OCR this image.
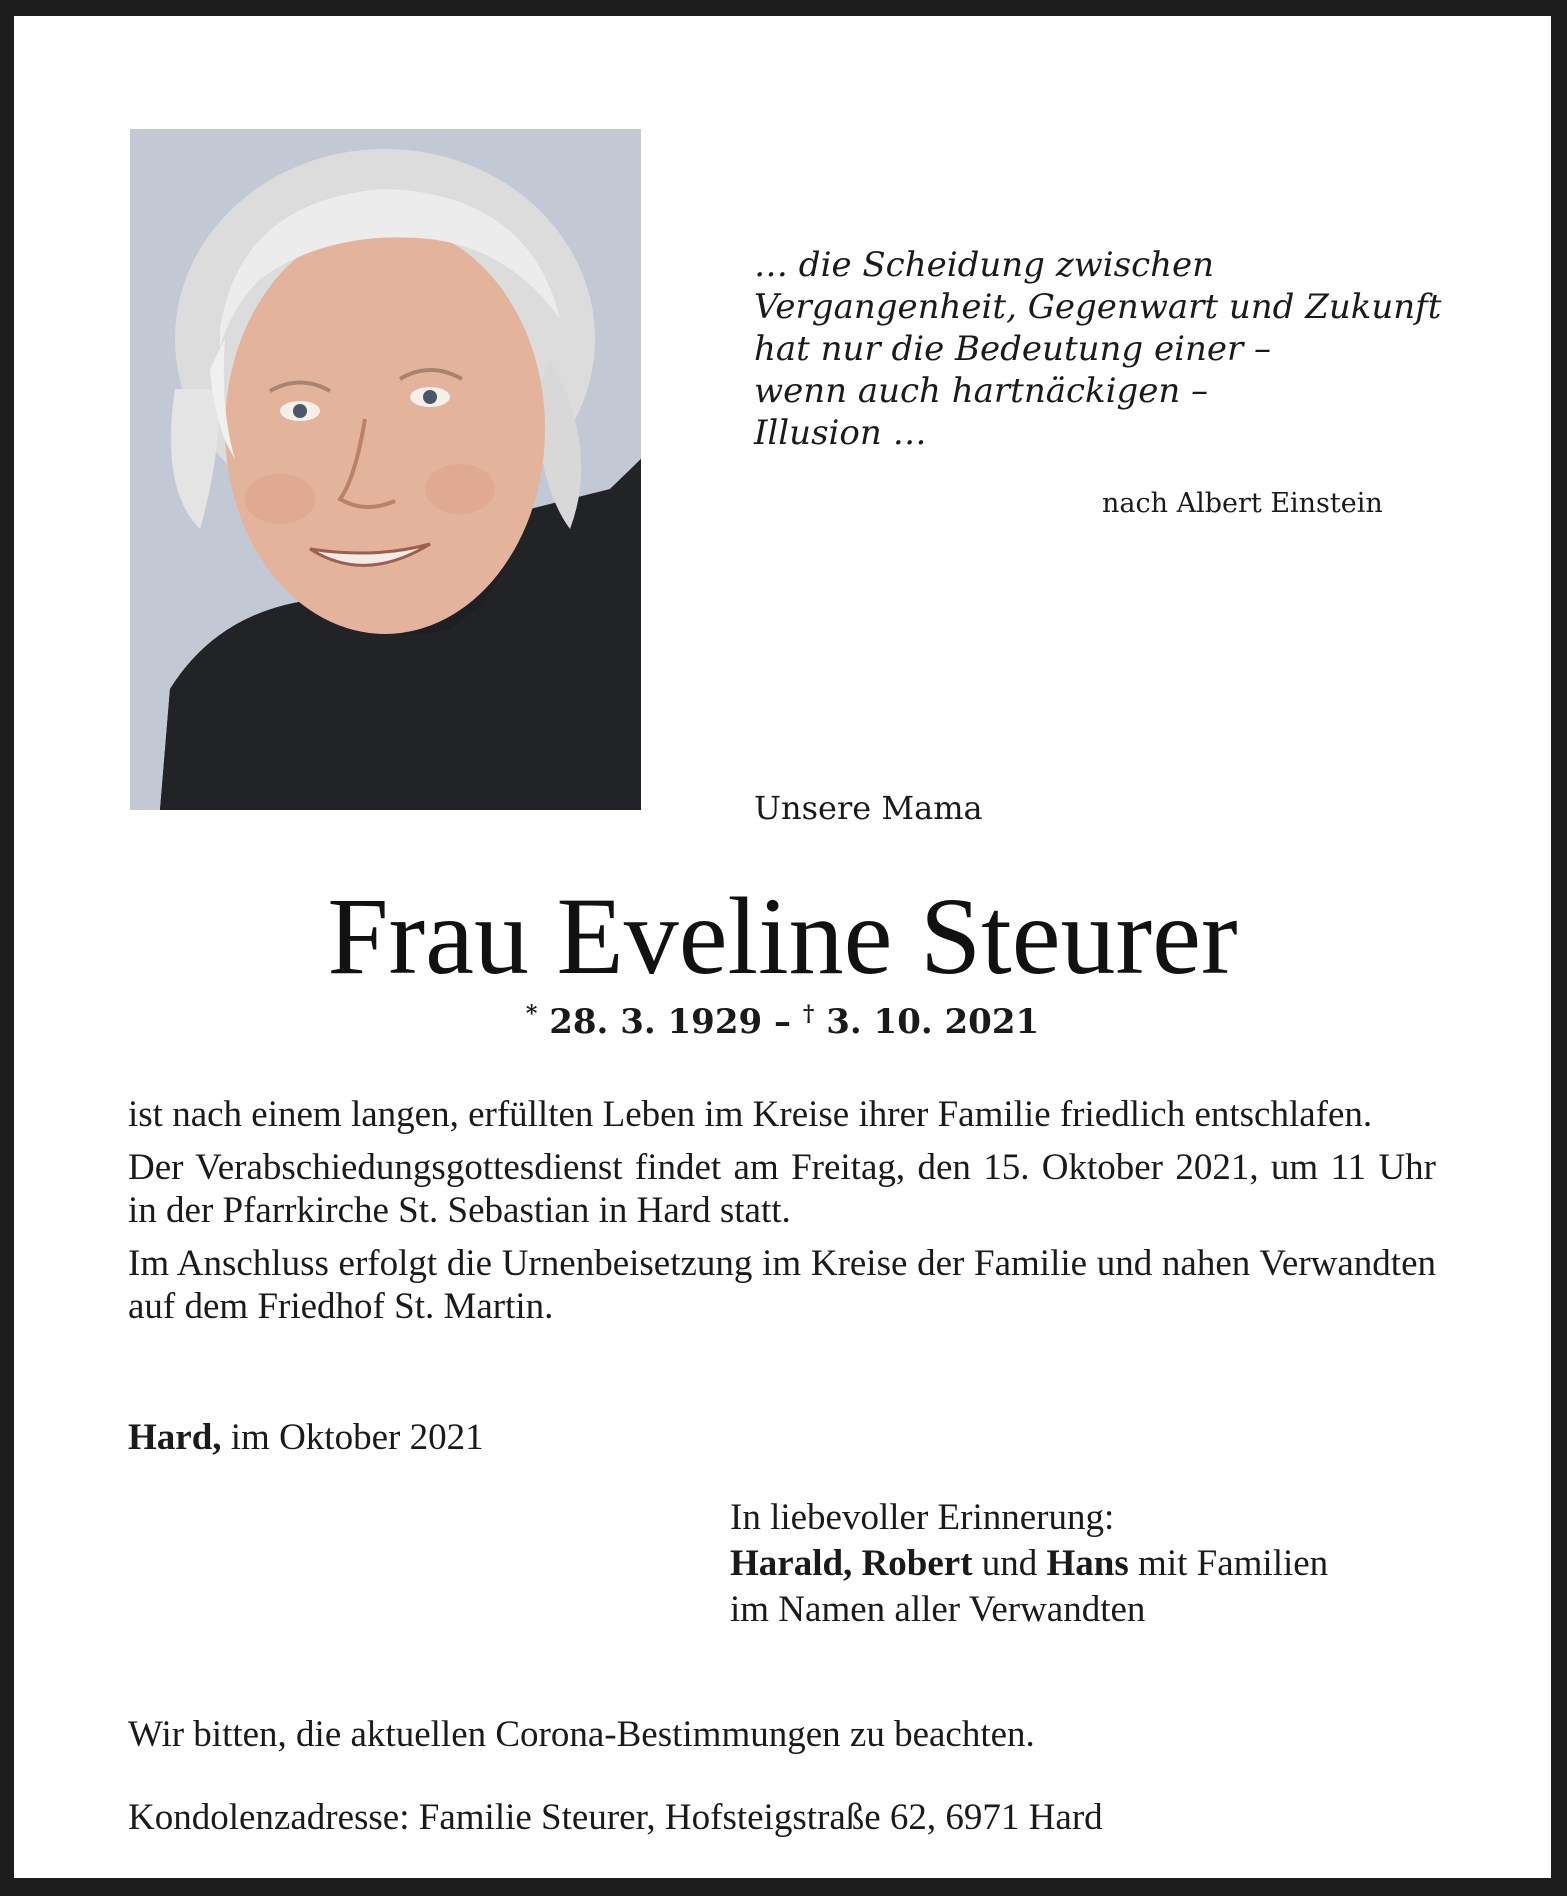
… die Scheidung zwischen
Vergangenheit, Gegenwart und Zukunft
hat nur die Bedeutung einer –
wenn auch hartnäckigen –
Illusion …
nach Albert Einstein
Unsere Mama
Frau Eveline Steurer
* 28. 3. 1929 – † 3. 10. 2021

ist nach einem langen, erfüllten Leben im Kreise ihrer Familie friedlich entschlafen.

Der Verabschiedungsgottesdienst findet am Freitag, den 15. Oktober 2021, um 11 Uhr in der Pfarrkirche St. Sebastian in Hard statt.

Im Anschluss erfolgt die Urnenbeisetzung im Kreise der Familie und nahen Verwandten auf dem Friedhof St. Martin.

Hard, im Oktober 2021
In liebevoller Erinnerung:
Harald, Robert und Hans mit Familien
im Namen aller Verwandten
Wir bitten, die aktuellen Corona-Bestimmungen zu beachten.
Kondolenzadresse: Familie Steurer, Hofsteigstraße 62, 6971 Hard
